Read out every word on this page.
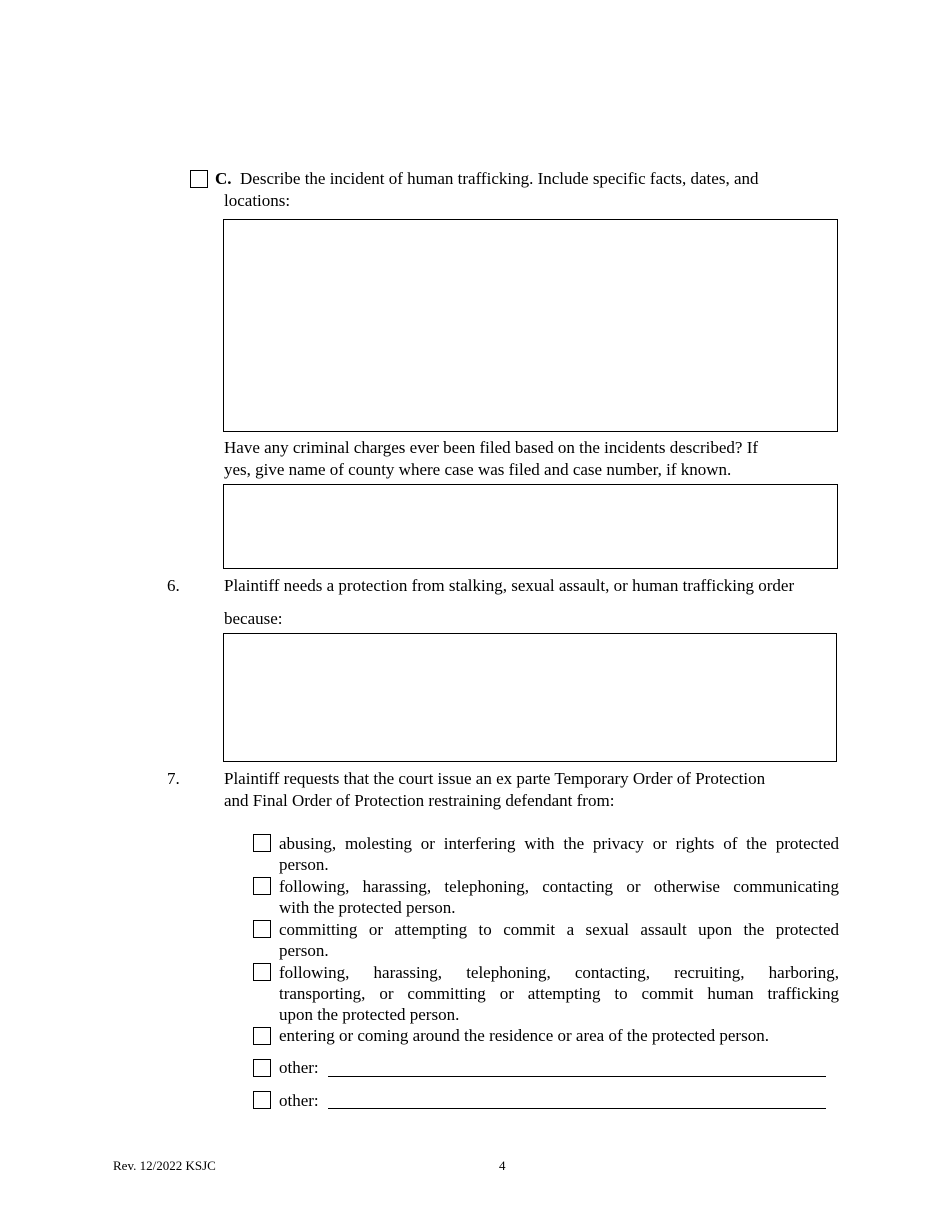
C. Describe the incident of human trafficking. Include specific facts, dates, and
locations:
Have any criminal charges ever been filed based on the incidents described? If
yes, give name of county where case was filed and case number, if known.
6.	Plaintiff needs a protection from stalking, sexual assault, or human trafficking order
because:
7.	Plaintiff requests that the court issue an ex parte Temporary Order of Protection
and Final Order of Protection restraining defendant from:
abusing, molesting or interfering with the privacy or rights of the protected
person.
following, harassing, telephoning, contacting or otherwise communicating
with the protected person.
committing or attempting to commit a sexual assault upon the protected
person.
following, harassing, telephoning, contacting, recruiting, harboring,
transporting, or committing or attempting to commit human trafficking
upon the protected person.
entering or coming around the residence or area of the protected person.
other:
other:
Rev. 12/2022 KSJC	4
